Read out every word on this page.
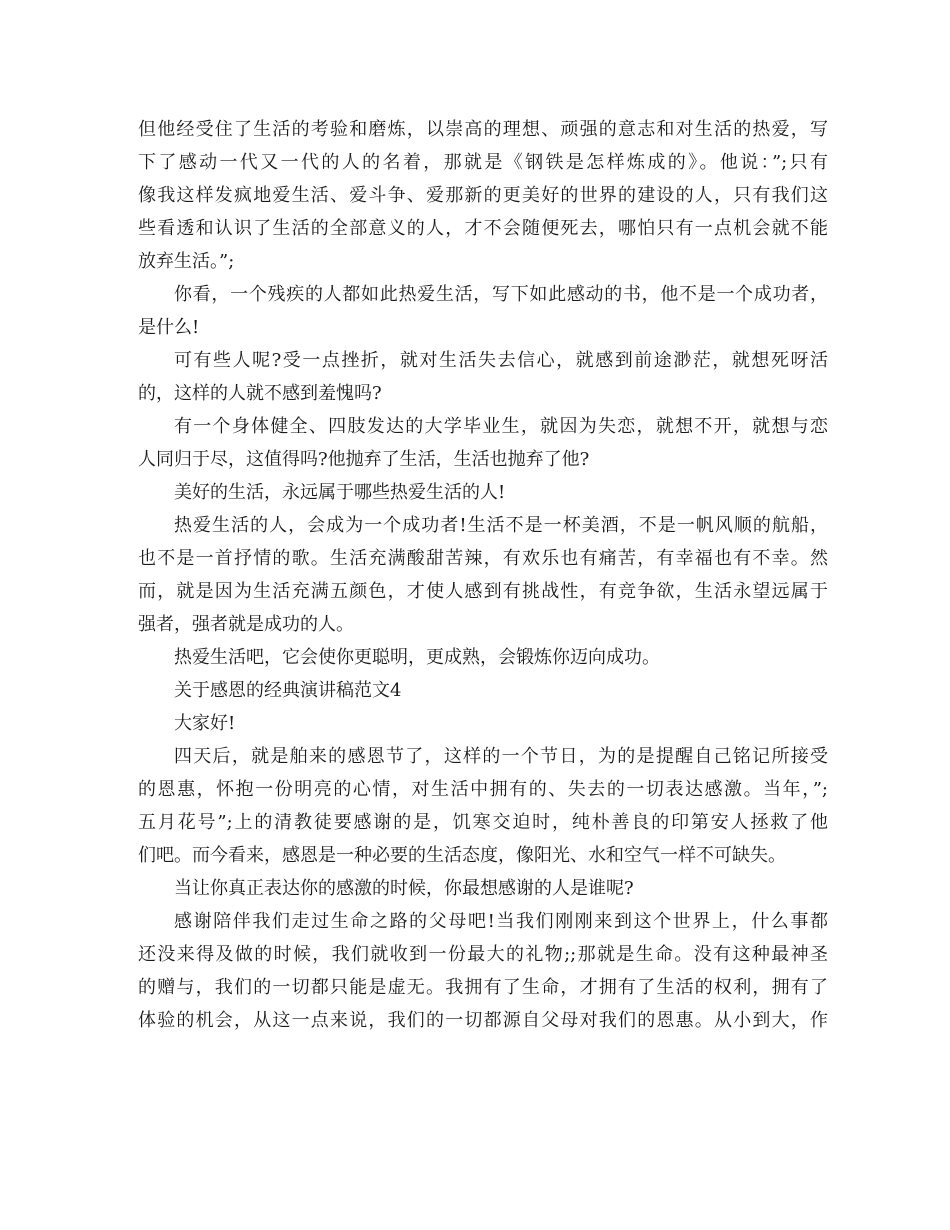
但他经受住了生活的考验和磨炼，以崇高的理想、顽强的意志和对生活的热爱，写
下了感动一代又一代的人的名着，那就是《钢铁是怎样炼成的》。他说：”;只有
像我这样发疯地爱生活、爱斗争、爱那新的更美好的世界的建设的人，只有我们这
些看透和认识了生活的全部意义的人，才不会随便死去，哪怕只有一点机会就不能
放弃生活。”;
你看，一个残疾的人都如此热爱生活，写下如此感动的书，他不是一个成功者，
是什么!
可有些人呢?受一点挫折，就对生活失去信心，就感到前途渺茫，就想死呀活
的，这样的人就不感到羞愧吗?
有一个身体健全、四肢发达的大学毕业生，就因为失恋，就想不开，就想与恋
人同归于尽，这值得吗?他抛弃了生活，生活也抛弃了他?
美好的生活，永远属于哪些热爱生活的人!
热爱生活的人，会成为一个成功者!生活不是一杯美酒，不是一帆风顺的航船，
也不是一首抒情的歌。生活充满酸甜苦辣，有欢乐也有痛苦，有幸福也有不幸。然
而，就是因为生活充满五颜色，才使人感到有挑战性，有竞争欲，生活永望远属于
强者，强者就是成功的人。
热爱生活吧，它会使你更聪明，更成熟，会锻炼你迈向成功。
关于感恩的经典演讲稿范文4
大家好!
四天后，就是舶来的感恩节了，这样的一个节日，为的是提醒自己铭记所接受
的恩惠，怀抱一份明亮的心情，对生活中拥有的、失去的一切表达感激。当年，”;
五月花号”;上的清教徒要感谢的是，饥寒交迫时，纯朴善良的印第安人拯救了他
们吧。而今看来，感恩是一种必要的生活态度，像阳光、水和空气一样不可缺失。
当让你真正表达你的感激的时候，你最想感谢的人是谁呢?
感谢陪伴我们走过生命之路的父母吧!当我们刚刚来到这个世界上，什么事都
还没来得及做的时候，我们就收到一份最大的礼物;;那就是生命。没有这种最神圣
的赠与，我们的一切都只能是虚无。我拥有了生命，才拥有了生活的权利，拥有了
体验的机会，从这一点来说，我们的一切都源自父母对我们的恩惠。从小到大，作
